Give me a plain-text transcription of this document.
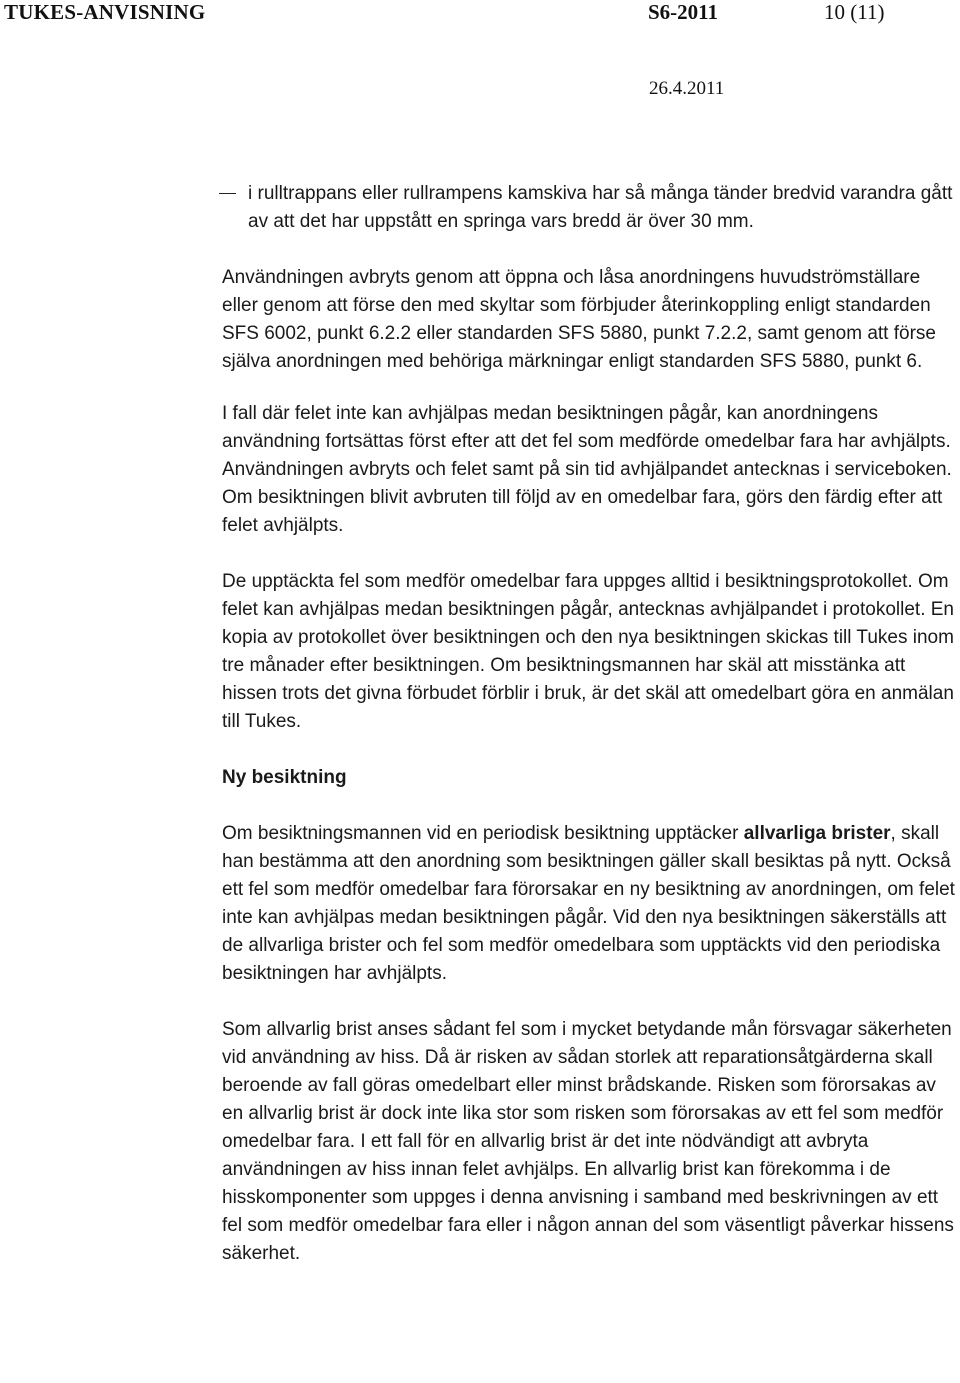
TUKES-ANVISNING	S6-2011	10 (11)
26.4.2011

i rulltrappans eller rullrampens kamskiva har så många tänder bredvid varandra gått av att det har uppstått en springa vars bredd är över 30 mm.

Användningen avbryts genom att öppna och låsa anordningens huvudströmställare eller genom att förse den med skyltar som förbjuder återinkoppling enligt standarden SFS 6002, punkt 6.2.2 eller standarden SFS 5880, punkt 7.2.2, samt genom att förse själva anordningen med behöriga märkningar enligt standarden SFS 5880, punkt 6.

I fall där felet inte kan avhjälpas medan besiktningen pågår, kan anordningens användning fortsättas först efter att det fel som medförde omedelbar fara har avhjälpts. Användningen avbryts och felet samt på sin tid avhjälpandet antecknas i serviceboken. Om besiktningen blivit avbruten till följd av en omedelbar fara, görs den färdig efter att felet avhjälpts.

De upptäckta fel som medför omedelbar fara uppges alltid i besiktningsprotokollet. Om felet kan avhjälpas medan besiktningen pågår, antecknas avhjälpandet i protokollet. En kopia av protokollet över besiktningen och den nya besiktningen skickas till Tukes inom tre månader efter besiktningen. Om besiktningsmannen har skäl att misstänka att hissen trots det givna förbudet förblir i bruk, är det skäl att omedelbart göra en anmälan till Tukes.

Ny besiktning

Om besiktningsmannen vid en periodisk besiktning upptäcker allvarliga brister, skall han bestämma att den anordning som besiktningen gäller skall besiktas på nytt. Också ett fel som medför omedelbar fara förorsakar en ny besiktning av anordningen, om felet inte kan avhjälpas medan besiktningen pågår. Vid den nya besiktningen säkerställs att de allvarliga brister och fel som medför omedelbara som upptäckts vid den periodiska besiktningen har avhjälpts.

Som allvarlig brist anses sådant fel som i mycket betydande mån försvagar säkerheten vid användning av hiss. Då är risken av sådan storlek att reparationsåtgärderna skall beroende av fall göras omedelbart eller minst brådskande. Risken som förorsakas av en allvarlig brist är dock inte lika stor som risken som förorsakas av ett fel som medför omedelbar fara. I ett fall för en allvarlig brist är det inte nödvändigt att avbryta användningen av hiss innan felet avhjälps. En allvarlig brist kan förekomma i de hisskomponenter som uppges i denna anvisning i samband med beskrivningen av ett fel som medför omedelbar fara eller i någon annan del som väsentligt påverkar hissens säkerhet.
